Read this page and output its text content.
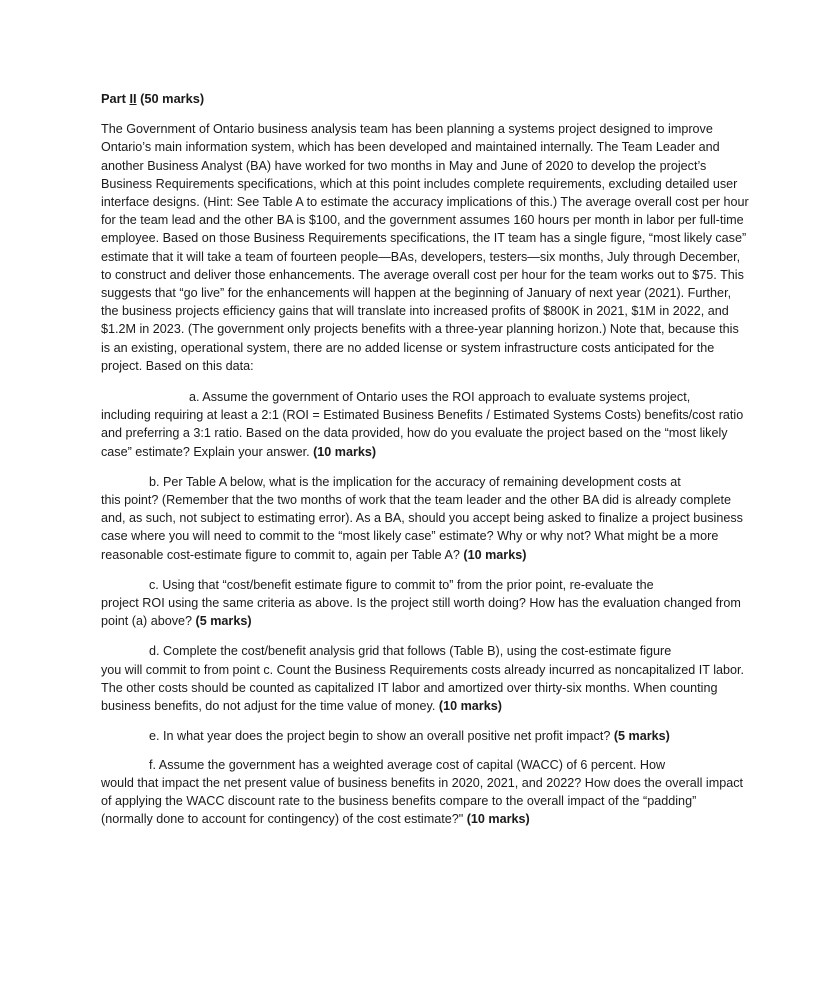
Part II (50 marks)

The Government of Ontario business analysis team has been planning a systems project designed to improve Ontario’s main information system, which has been developed and maintained internally. The Team Leader and another Business Analyst (BA) have worked for two months in May and June of 2020 to develop the project’s Business Requirements specifications, which at this point includes complete requirements, excluding detailed user interface designs. (Hint: See Table A to estimate the accuracy implications of this.) The average overall cost per hour for the team lead and the other BA is $100, and the government assumes 160 hours per month in labor per full-time employee. Based on those Business Requirements specifications, the IT team has a single figure, “most likely case” estimate that it will take a team of fourteen people—BAs, developers, testers—six months, July through December, to construct and deliver those enhancements. The average overall cost per hour for the team works out to $75. This suggests that “go live” for the enhancements will happen at the beginning of January of next year (2021). Further, the business projects efficiency gains that will translate into increased profits of $800K in 2021, $1M in 2022, and $1.2M in 2023. (The government only projects benefits with a three-year planning horizon.) Note that, because this is an existing, operational system, there are no added license or system infrastructure costs anticipated for the project. Based on this data:

a. Assume the government of Ontario uses the ROI approach to evaluate systems project,
including requiring at least a 2:1 (ROI = Estimated Business Benefits / Estimated Systems Costs) benefits/cost ratio and preferring a 3:1 ratio. Based on the data provided, how do you evaluate the project based on the “most likely case” estimate? Explain your answer. (10 marks)
b. Per Table A below, what is the implication for the accuracy of remaining development costs at
this point? (Remember that the two months of work that the team leader and the other BA did is already complete and, as such, not subject to estimating error). As a BA, should you accept being asked to finalize a project business case where you will need to commit to the “most likely case” estimate? Why or why not? What might be a more reasonable cost-estimate figure to commit to, again per Table A? (10 marks)
c. Using that “cost/benefit estimate figure to commit to” from the prior point, re-evaluate the
project ROI using the same criteria as above. Is the project still worth doing? How has the evaluation changed from point (a) above? (5 marks)
d. Complete the cost/benefit analysis grid that follows (Table B), using the cost-estimate figure
you will commit to from point c. Count the Business Requirements costs already incurred as noncapitalized IT labor. The other costs should be counted as capitalized IT labor and amortized over thirty-six months. When counting business benefits, do not adjust for the time value of money. (10 marks)
e. In what year does the project begin to show an overall positive net profit impact? (5 marks)
f. Assume the government has a weighted average cost of capital (WACC) of 6 percent. How
would that impact the net present value of business benefits in 2020, 2021, and 2022? How does the overall impact of applying the WACC discount rate to the business benefits compare to the overall impact of the “padding” (normally done to account for contingency) of the cost estimate?" (10 marks)
